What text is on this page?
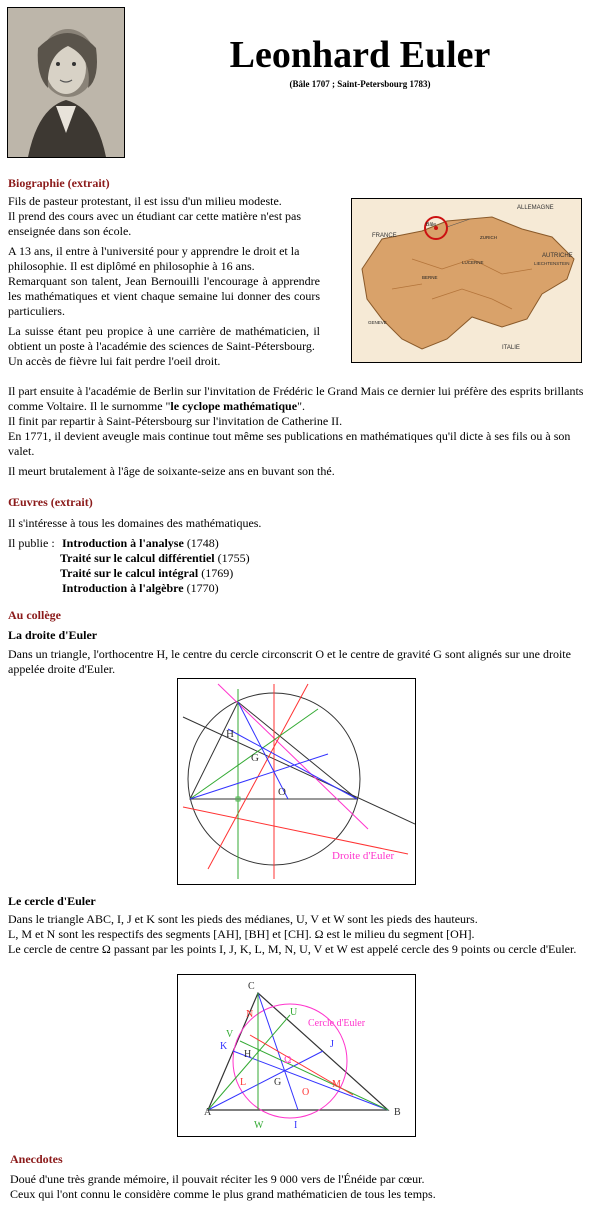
Leonhard Euler
(Bâle 1707 ; Saint-Petersbourg 1783)
Biographie (extrait)

Fils de pasteur protestant, il est issu d'un milieu modeste.

Il prend des cours avec un étudiant car cette matière n'est pas enseignée dans son école.

A 13 ans, il entre à l'université pour y apprendre le droit et la philosophie. Il est diplômé en philosophie à 16 ans.

Remarquant son talent, Jean Bernouilli l'encourage à apprendre les mathématiques et vient chaque semaine lui donner des cours particuliers.

La suisse étant peu propice à une carrière de mathématicien, il obtient un poste à l'académie des sciences de Saint-Pétersbourg.

Un accès de fièvre lui fait perdre l'oeil droit.

ALLEMAGNE
FRANCE
AUTRICHE
LIECHTENSTEIN
ITALIE
Bâle
BERNE
LUCERNE
ZURICH
GENEVE

Il part ensuite à l'académie de Berlin sur l'invitation de Frédéric le Grand Mais ce dernier lui préfère des esprits brillants comme Voltaire. Il le surnomme "le cyclope mathématique".

Il finit par repartir à Saint-Pétersbourg sur l'invitation de Catherine II.

En 1771, il devient aveugle mais continue tout même ses publications en mathématiques qu'il dicte à ses fils ou à son valet.

Il meurt brutalement à l'âge de soixante-seize ans en buvant son thé.

Œuvres (extrait)

Il s'intéresse à tous les domaines des mathématiques.

Il publie : Introduction à l'analyse (1748)
Traité sur le calcul différentiel (1755)
Traité sur le calcul intégral (1769)
Introduction à l'algèbre (1770)
Au collège
La droite d'Euler
Dans un triangle, l'orthocentre H, le centre du cercle circonscrit O et le centre de gravité G sont alignés sur une droite appelée droite d'Euler.
H
G
O
Droite d'Euler
Le cercle d'Euler

Dans le triangle ABC, I, J et K sont les pieds des médianes, U, V et W sont les pieds des hauteurs.

L, M et N sont les respectifs des segments [AH], [BH] et [CH]. Ω est le milieu du segment [OH].

Le cercle de centre Ω passant par les points I, J, K, L, M, N, U, V et W est appelé cercle des 9 points ou cercle d'Euler.

A	B
C
I
J
K
L	M
N	U
V
W
H
G
O
Ω
Cercle d'Euler
Anecdotes

Doué d'une très grande mémoire, il pouvait réciter les 9 000 vers de l'Énéide par cœur.

Ceux qui l'ont connu le considère comme le plus grand mathématicien de tous les temps.
